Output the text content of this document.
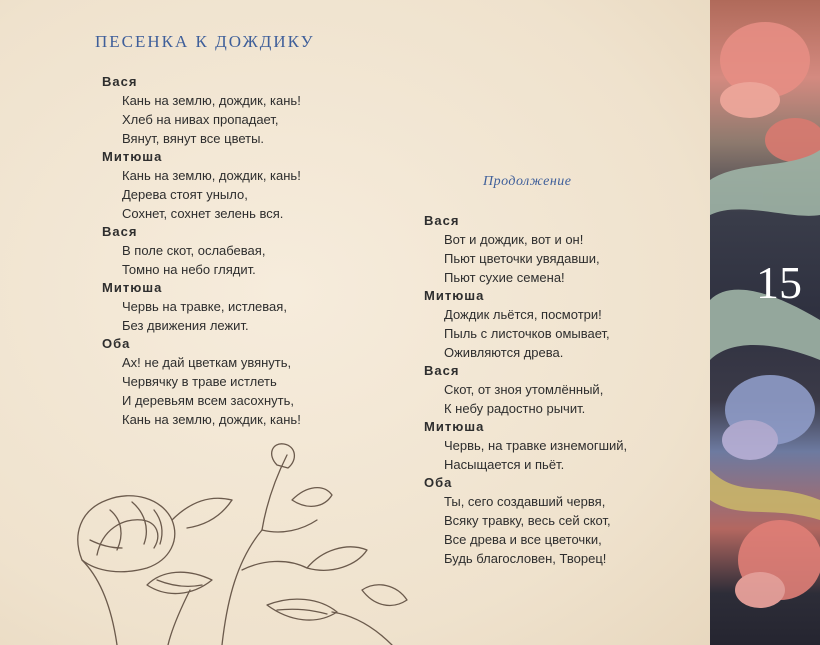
ПЕСЕНКА К ДОЖДИКУ
Продолжение
Вася
Кань на землю, дождик, кань!
Хлеб на нивах пропадает,
Вянут, вянут все цветы.
Митюша
Кань на землю, дождик, кань!
Дерева стоят уныло,
Сохнет, сохнет зелень вся.
Вася
В поле скот, ослабевая,
Томно на небо глядит.
Митюша
Червь на травке, истлевая,
Без движения лежит.
Оба
Ах! не дай цветкам увянуть,
Червячку в траве истлеть
И деревьям всем засохнуть,
Кань на землю, дождик, кань!
Вася
Вот и дождик, вот и он!
Пьют цветочки увядавши,
Пьют сухие семена!
Митюша
Дождик льётся, посмотри!
Пыль с листочков омывает,
Оживляются древа.
Вася
Скот, от зноя утомлённый,
К небу радостно рычит.
Митюша
Червь, на травке изнемогший,
Насыщается и пьёт.
Оба
Ты, сего создавший червя,
Всяку травку, весь сей скот,
Все древа и все цветочки,
Будь благословен, Творец!
15
